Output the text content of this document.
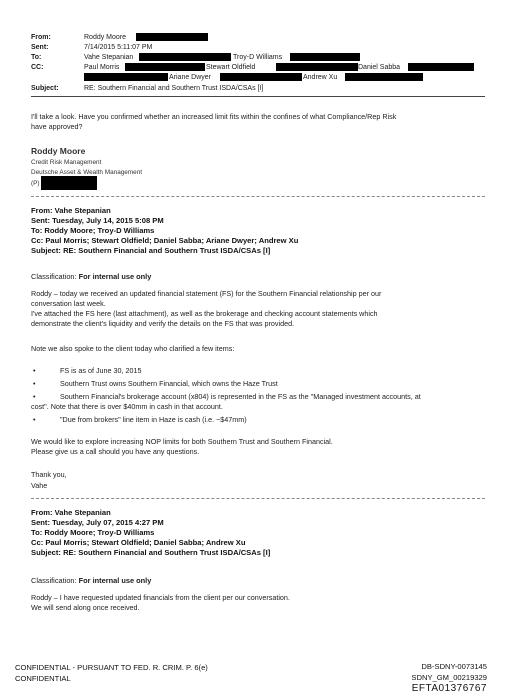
From:	Roddy Moore
Sent:	7/14/2015 5:11:07 PM
To:	Vahe Stepanian	Troy-D Williams
CC:	Paul Morris	Stewart Oldfield	Daniel Sabba
Ariane Dwyer	Andrew Xu
Subject:	RE: Southern Financial and Southern Trust ISDA/CSAs [I]
I'll take a look. Have you confirmed whether an increased limit fits within the confines of what Compliance/Rep Risk
have approved?
Roddy Moore
Credit Risk Management
Deutsche Asset & Wealth Management
(P)
From: Vahe Stepanian
Sent: Tuesday, July 14, 2015 5:08 PM
To: Roddy Moore; Troy-D Williams
Cc: Paul Morris; Stewart Oldfield; Daniel Sabba; Ariane Dwyer; Andrew Xu
Subject: RE: Southern Financial and Southern Trust ISDA/CSAs [I]
Classification: For internal use only
Roddy – today we received an updated financial statement (FS) for the Southern Financial relationship per our
conversation last week.
I've attached the FS here (last attachment), as well as the brokerage and checking account statements which
demonstrate the client's liquidity and verify the details on the FS that was provided.
Note we also spoke to the client today who clarified a few items:
•	FS is as of June 30, 2015
•	Southern Trust owns Southern Financial, which owns the Haze Trust
•	Southern Financial's brokerage account (x804) is represented in the FS as the "Managed investment accounts, at
cost". Note that there is over $40mm in cash in that account.
•	"Due from brokers" line item in Haze is cash (i.e. ~$47mm)
We would like to explore increasing NOP limits for both Southern Trust and Southern Financial.
Please give us a call should you have any questions.
Thank you,
Vahe
From: Vahe Stepanian
Sent: Tuesday, July 07, 2015 4:27 PM
To: Roddy Moore; Troy-D Williams
Cc: Paul Morris; Stewart Oldfield; Daniel Sabba; Andrew Xu
Subject: RE: Southern Financial and Southern Trust ISDA/CSAs [I]
Classification: For internal use only
Roddy – I have requested updated financials from the client per our conversation.
We will send along once received.
CONFIDENTIAL - PURSUANT TO FED. R. CRIM. P. 6(e)
CONFIDENTIAL
DB-SDNY-0073145
SDNY_GM_00219329
EFTA01376767
